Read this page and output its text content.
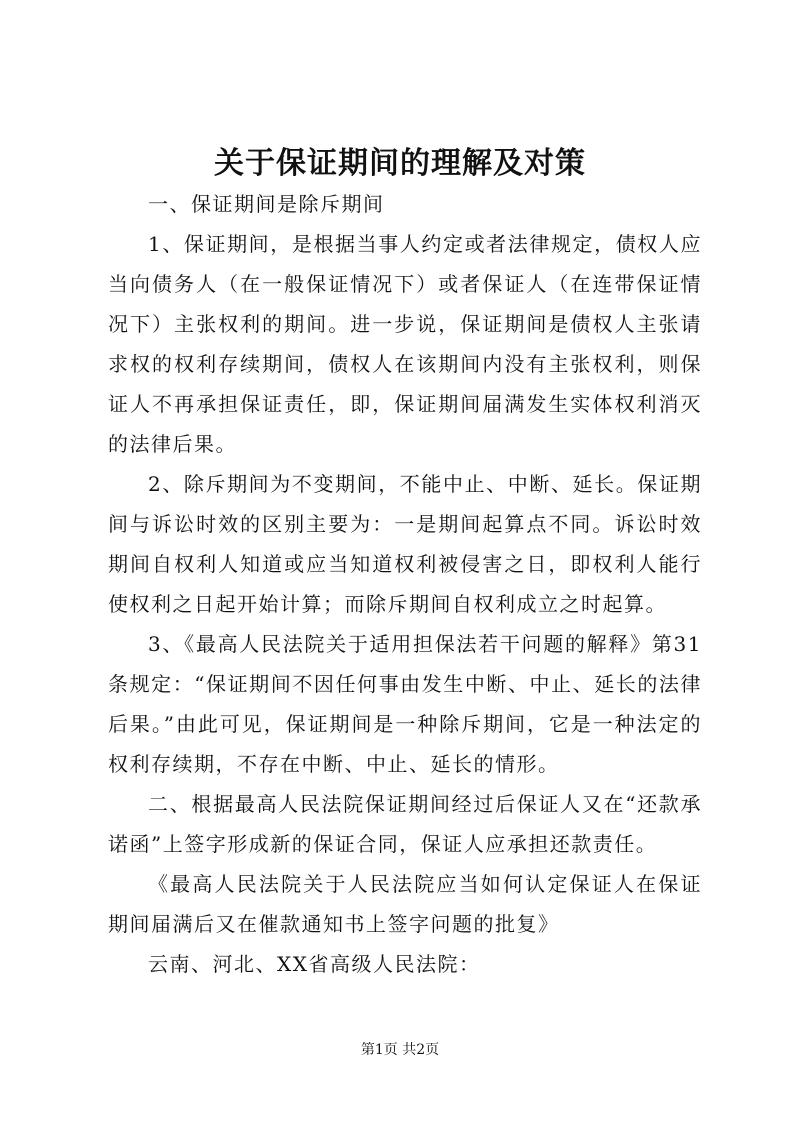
关于保证期间的理解及对策

一、保证期间是除斥期间

1、保证期间，是根据当事人约定或者法律规定，债权人应当向债务人（在一般保证情况下）或者保证人（在连带保证情况下）主张权利的期间。进一步说，保证期间是债权人主张请求权的权利存续期间，债权人在该期间内没有主张权利，则保证人不再承担保证责任，即，保证期间届满发生实体权利消灭的法律后果。

2、除斥期间为不变期间，不能中止、中断、延长。保证期间与诉讼时效的区别主要为：一是期间起算点不同。诉讼时效期间自权利人知道或应当知道权利被侵害之日，即权利人能行使权利之日起开始计算；而除斥期间自权利成立之时起算。

3、《最高人民法院关于适用担保法若干问题的解释》第31条规定：“保证期间不因任何事由发生中断、中止、延长的法律后果。”由此可见，保证期间是一种除斥期间，它是一种法定的权利存续期，不存在中断、中止、延长的情形。

二、根据最高人民法院保证期间经过后保证人又在“还款承诺函”上签字形成新的保证合同，保证人应承担还款责任。

《最高人民法院关于人民法院应当如何认定保证人在保证期间届满后又在催款通知书上签字问题的批复》

云南、河北、XX省高级人民法院：

第1页 共2页
